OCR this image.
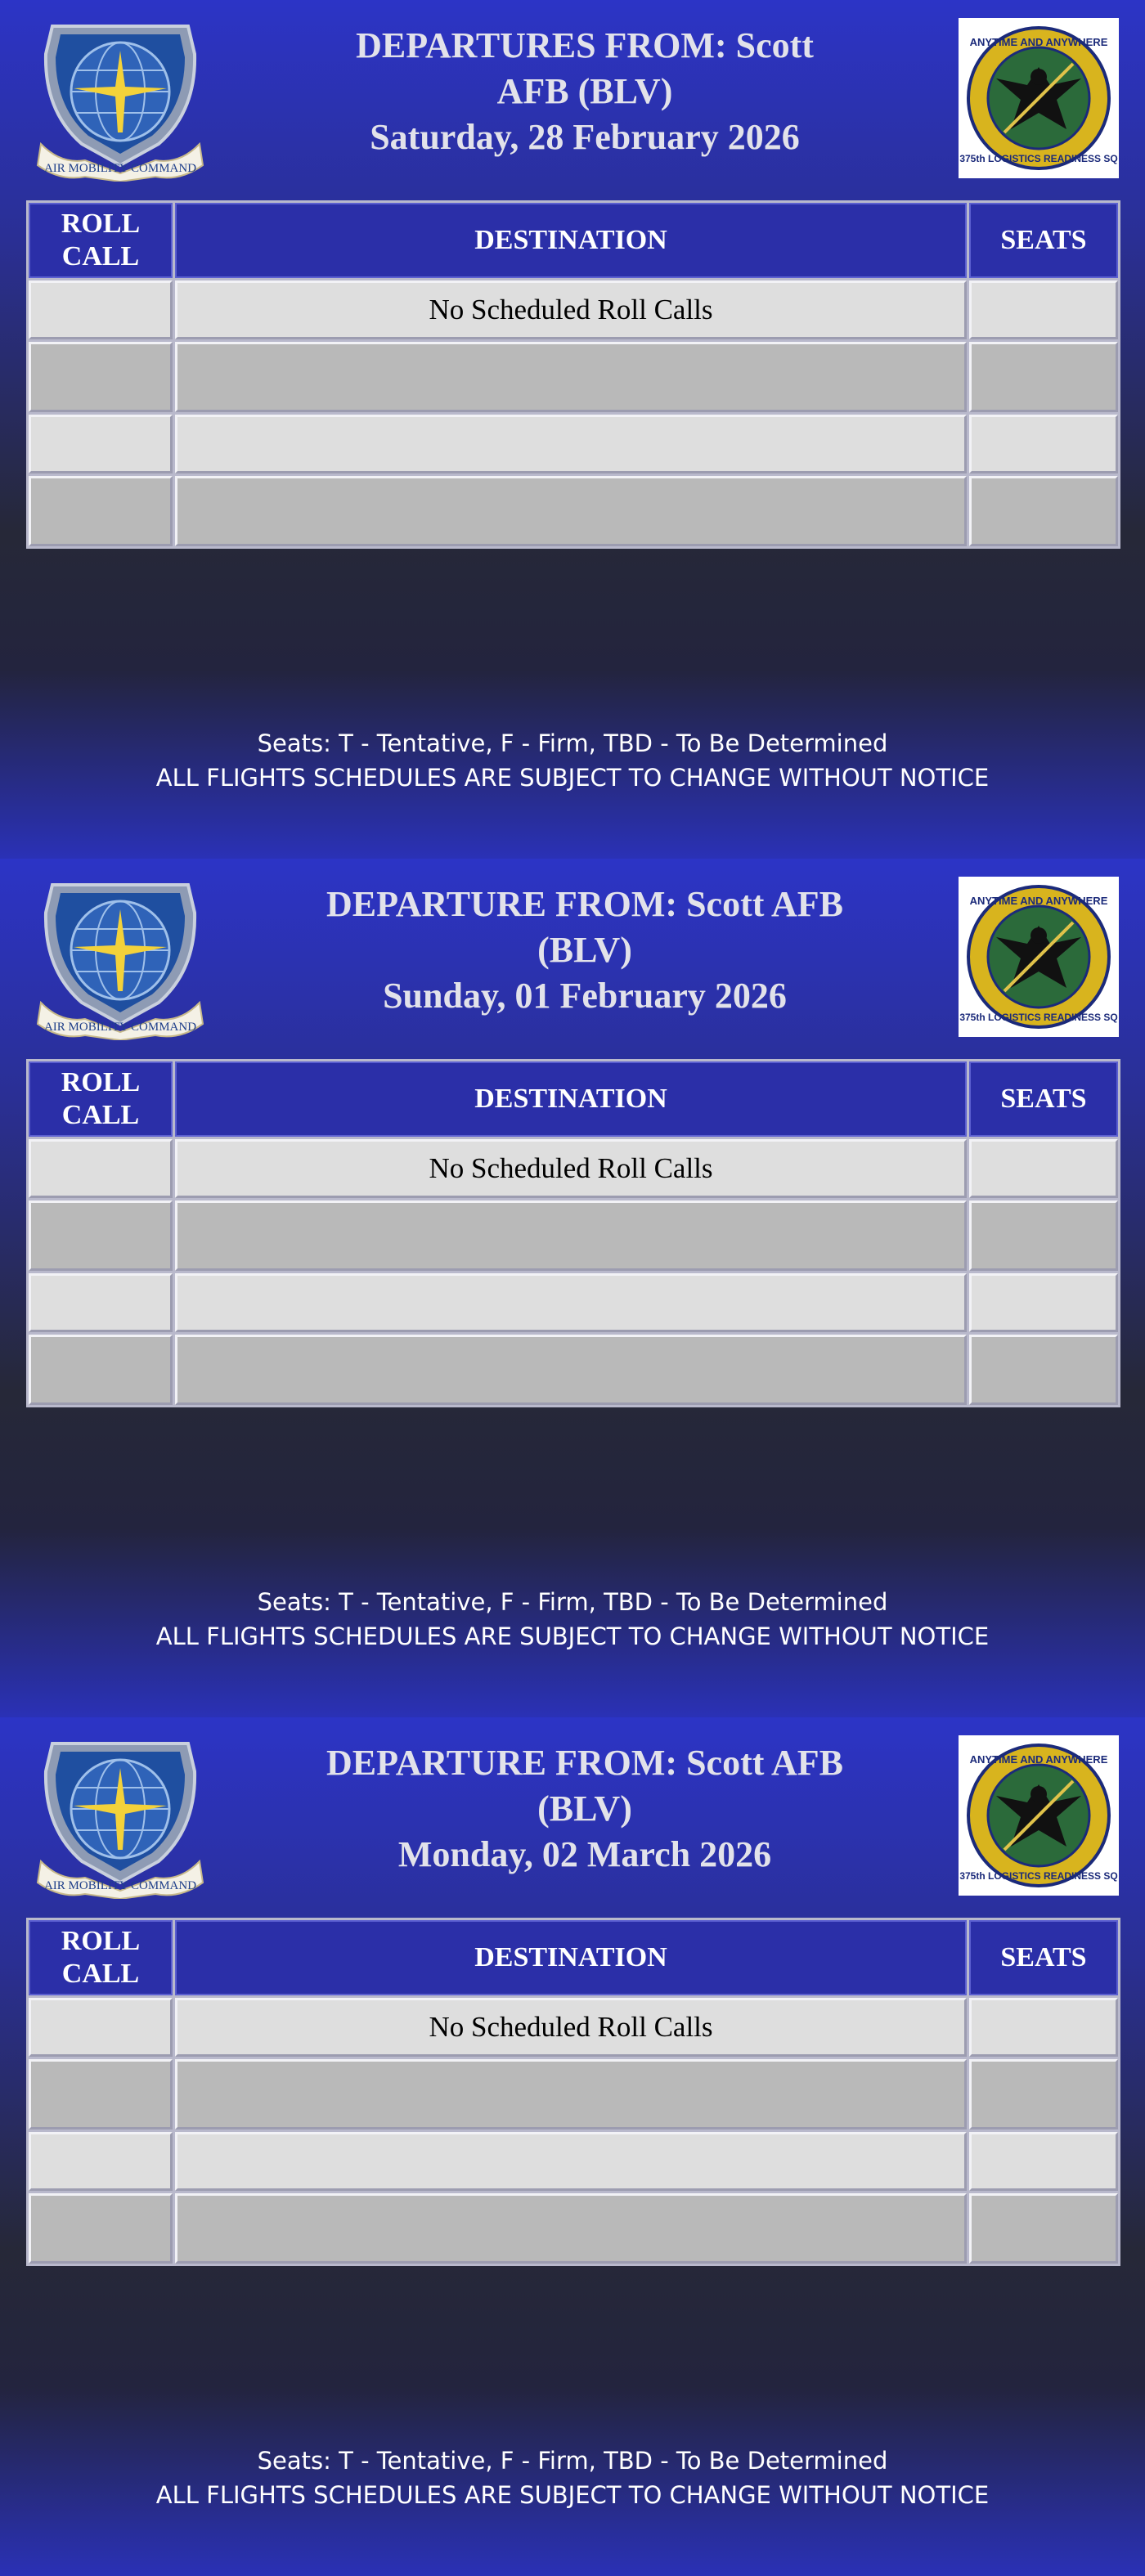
AIR MOBILITY COMMAND
DEPARTURES FROM: Scott
AFB (BLV)
Saturday, 28 February 2026
ANYTIME AND ANYWHERE
375th LOGISTICS READINESS SQ
ROLL CALL	DESTINATION	SEATS
	No Scheduled Roll Calls	

Seats: T - Tentative, F - Firm, TBD - To Be Determined
ALL FLIGHTS SCHEDULES ARE SUBJECT TO CHANGE WITHOUT NOTICE
AIR MOBILITY COMMAND
DEPARTURE FROM: Scott AFB
(BLV)
Sunday, 01 February 2026
ANYTIME AND ANYWHERE
375th LOGISTICS READINESS SQ
ROLL CALL	DESTINATION	SEATS
	No Scheduled Roll Calls	

Seats: T - Tentative, F - Firm, TBD - To Be Determined
ALL FLIGHTS SCHEDULES ARE SUBJECT TO CHANGE WITHOUT NOTICE
AIR MOBILITY COMMAND
DEPARTURE FROM: Scott AFB
(BLV)
Monday, 02 March 2026
ANYTIME AND ANYWHERE
375th LOGISTICS READINESS SQ
ROLL CALL	DESTINATION	SEATS
	No Scheduled Roll Calls	

Seats: T - Tentative, F - Firm, TBD - To Be Determined
ALL FLIGHTS SCHEDULES ARE SUBJECT TO CHANGE WITHOUT NOTICE
